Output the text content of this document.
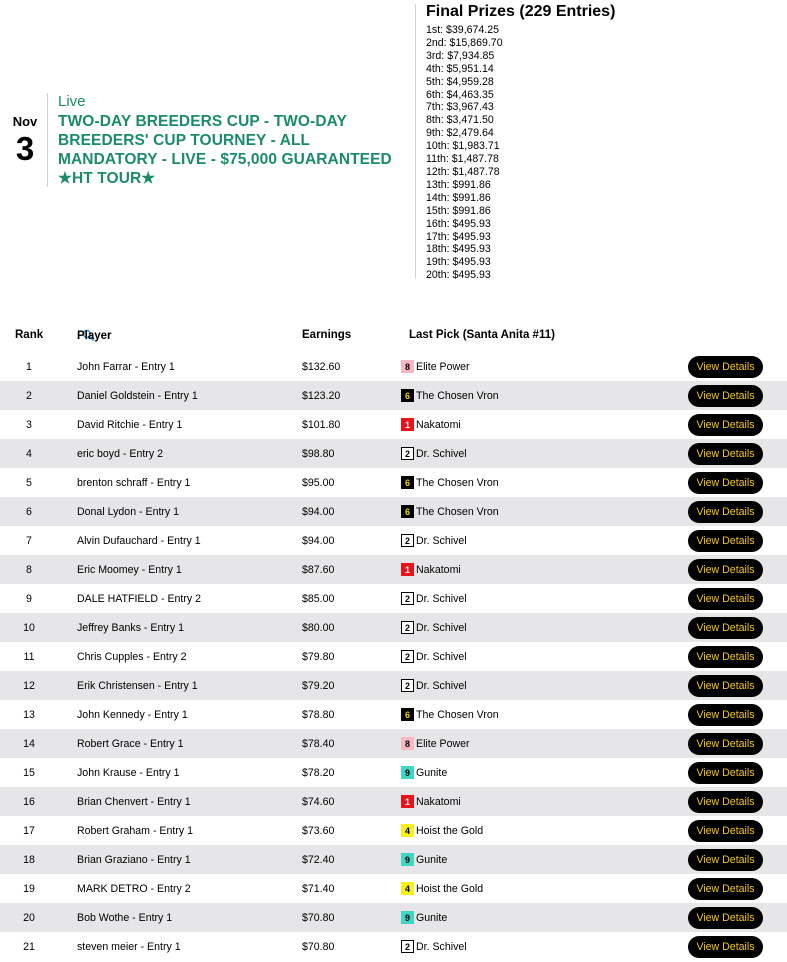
Nov
3
Live
TWO-DAY BREEDERS CUP - TWO-DAY BREEDERS' CUP TOURNEY - ALL MANDATORY - LIVE - $75,000 GUARANTEED ★HT TOUR★
Final Prizes (229 Entries)
1st: $39,674.25
2nd: $15,869.70
3rd: $7,934.85
4th: $5,951.14
5th: $4,959.28
6th: $4,463.35
7th: $3,967.43
8th: $3,471.50
9th: $2,479.64
10th: $1,983.71
11th: $1,487.78
12th: $1,487.78
13th: $991.86
14th: $991.86
15th: $991.86
16th: $495.93
17th: $495.93
18th: $495.93
19th: $495.93
20th: $495.93
Rank	Player	Earnings	Last Pick (Santa Anita #11)
1	John Farrar - Entry 1	$132.60	8 Elite Power	View Details
2	Daniel Goldstein - Entry 1	$123.20	6 The Chosen Vron	View Details
3	David Ritchie - Entry 1	$101.80	1 Nakatomi	View Details
4	eric boyd - Entry 2	$98.80	2 Dr. Schivel	View Details
5	brenton schraff - Entry 1	$95.00	6 The Chosen Vron	View Details
6	Donal Lydon - Entry 1	$94.00	6 The Chosen Vron	View Details
7	Alvin Dufauchard - Entry 1	$94.00	2 Dr. Schivel	View Details
8	Eric Moomey - Entry 1	$87.60	1 Nakatomi	View Details
9	DALE HATFIELD - Entry 2	$85.00	2 Dr. Schivel	View Details
10	Jeffrey Banks - Entry 1	$80.00	2 Dr. Schivel	View Details
11	Chris Cupples - Entry 2	$79.80	2 Dr. Schivel	View Details
12	Erik Christensen - Entry 1	$79.20	2 Dr. Schivel	View Details
13	John Kennedy - Entry 1	$78.80	6 The Chosen Vron	View Details
14	Robert Grace - Entry 1	$78.40	8 Elite Power	View Details
15	John Krause - Entry 1	$78.20	9 Gunite	View Details
16	Brian Chenvert - Entry 1	$74.60	1 Nakatomi	View Details
17	Robert Graham - Entry 1	$73.60	4 Hoist the Gold	View Details
18	Brian Graziano - Entry 1	$72.40	9 Gunite	View Details
19	MARK DETRO - Entry 2	$71.40	4 Hoist the Gold	View Details
20	Bob Wothe - Entry 1	$70.80	9 Gunite	View Details
21	steven meier - Entry 1	$70.80	2 Dr. Schivel	View Details
